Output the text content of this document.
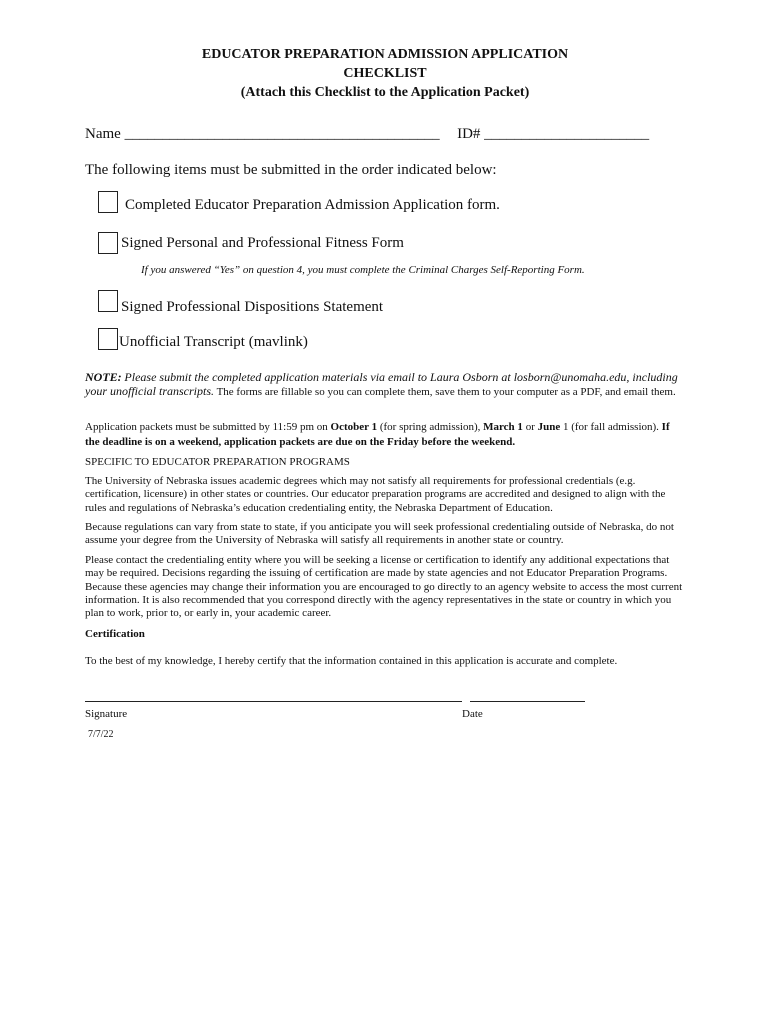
EDUCATOR PREPARATION ADMISSION APPLICATION
CHECKLIST
(Attach this Checklist to the Application Packet)
Name __________________________________________ ID# ______________________
The following items must be submitted in the order indicated below:
Completed Educator Preparation Admission Application form.
Signed Personal and Professional Fitness Form
If you answered “Yes” on question 4, you must complete the Criminal Charges Self-Reporting Form.
Signed Professional Dispositions Statement
Unofficial Transcript (mavlink)
NOTE: Please submit the completed application materials via email to Laura Osborn at losborn@unomaha.edu, including your unofficial transcripts. The forms are fillable so you can complete them, save them to your computer as a PDF, and email them.
Application packets must be submitted by 11:59 pm on October 1 (for spring admission), March 1 or June 1 (for fall admission). If the deadline is on a weekend, application packets are due on the Friday before the weekend.
SPECIFIC TO EDUCATOR PREPARATION PROGRAMS
The University of Nebraska issues academic degrees which may not satisfy all requirements for professional credentials (e.g. certification, licensure) in other states or countries. Our educator preparation programs are accredited and designed to align with the rules and regulations of Nebraska’s education credentialing entity, the Nebraska Department of Education.
Because regulations can vary from state to state, if you anticipate you will seek professional credentialing outside of Nebraska, do not assume your degree from the University of Nebraska will satisfy all requirements in another state or country.
Please contact the credentialing entity where you will be seeking a license or certification to identify any additional expectations that may be required. Decisions regarding the issuing of certification are made by state agencies and not Educator Preparation Programs. Because these agencies may change their information you are encouraged to go directly to an agency website to access the most current information. It is also recommended that you correspond directly with the agency representatives in the state or country in which you plan to work, prior to, or early in, your academic career.
Certification
To the best of my knowledge, I hereby certify that the information contained in this application is accurate and complete.
Signature	Date
7/7/22
